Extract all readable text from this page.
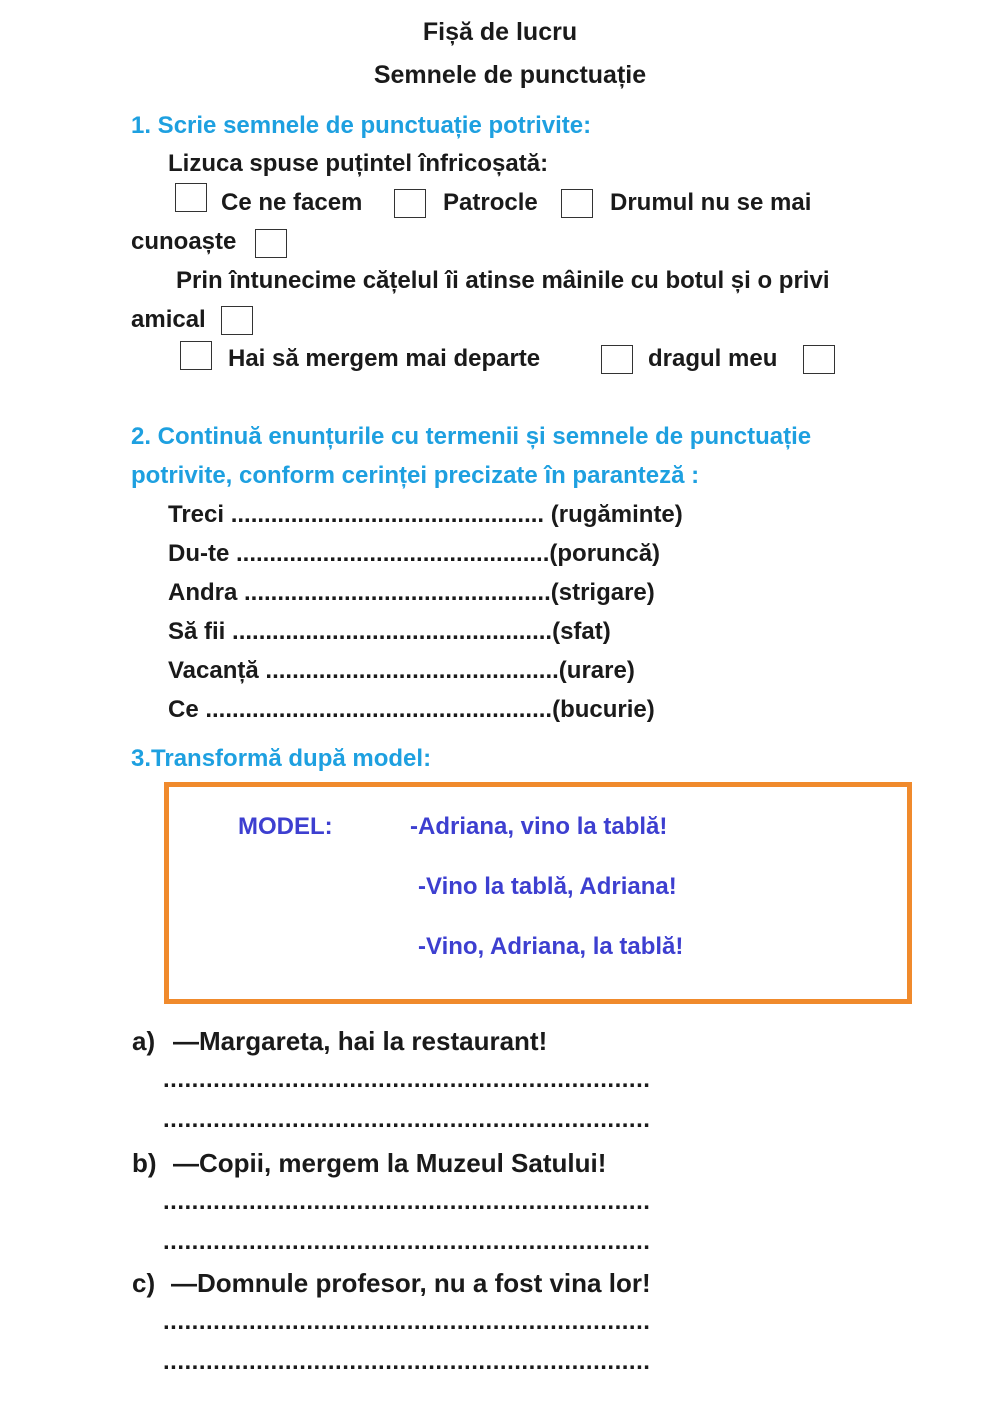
Fișă de lucru
Semnele de punctuație
1. Scrie semnele de punctuație potrivite:
Lizuca spuse puțintel înfricoșată:
Ce ne facem	Patrocle	Drumul nu se mai
cunoaște
Prin întunecime cățelul îi atinse mâinile cu botul și o privi
amical
Hai să mergem mai departe	dragul meu
2. Continuă enunțurile cu termenii și semnele de punctuație
potrivite, conform cerinței precizate în paranteză :
Treci ............................................... (rugăminte)
Du-te ...............................................(poruncă)
Andra ..............................................(strigare)
Să fii ................................................(sfat)
Vacanță ............................................(urare)
Ce ....................................................(bucurie)
3.Transformă după model:
MODEL:	-Adriana, vino la tablă!
-Vino la tablă, Adriana!
-Vino, Adriana, la tablă!
a) —Margareta, hai la restaurant!
....................................................................
....................................................................
b) —Copii, mergem la Muzeul Satului!
....................................................................
....................................................................
c) —Domnule profesor, nu a fost vina lor!
....................................................................
....................................................................
